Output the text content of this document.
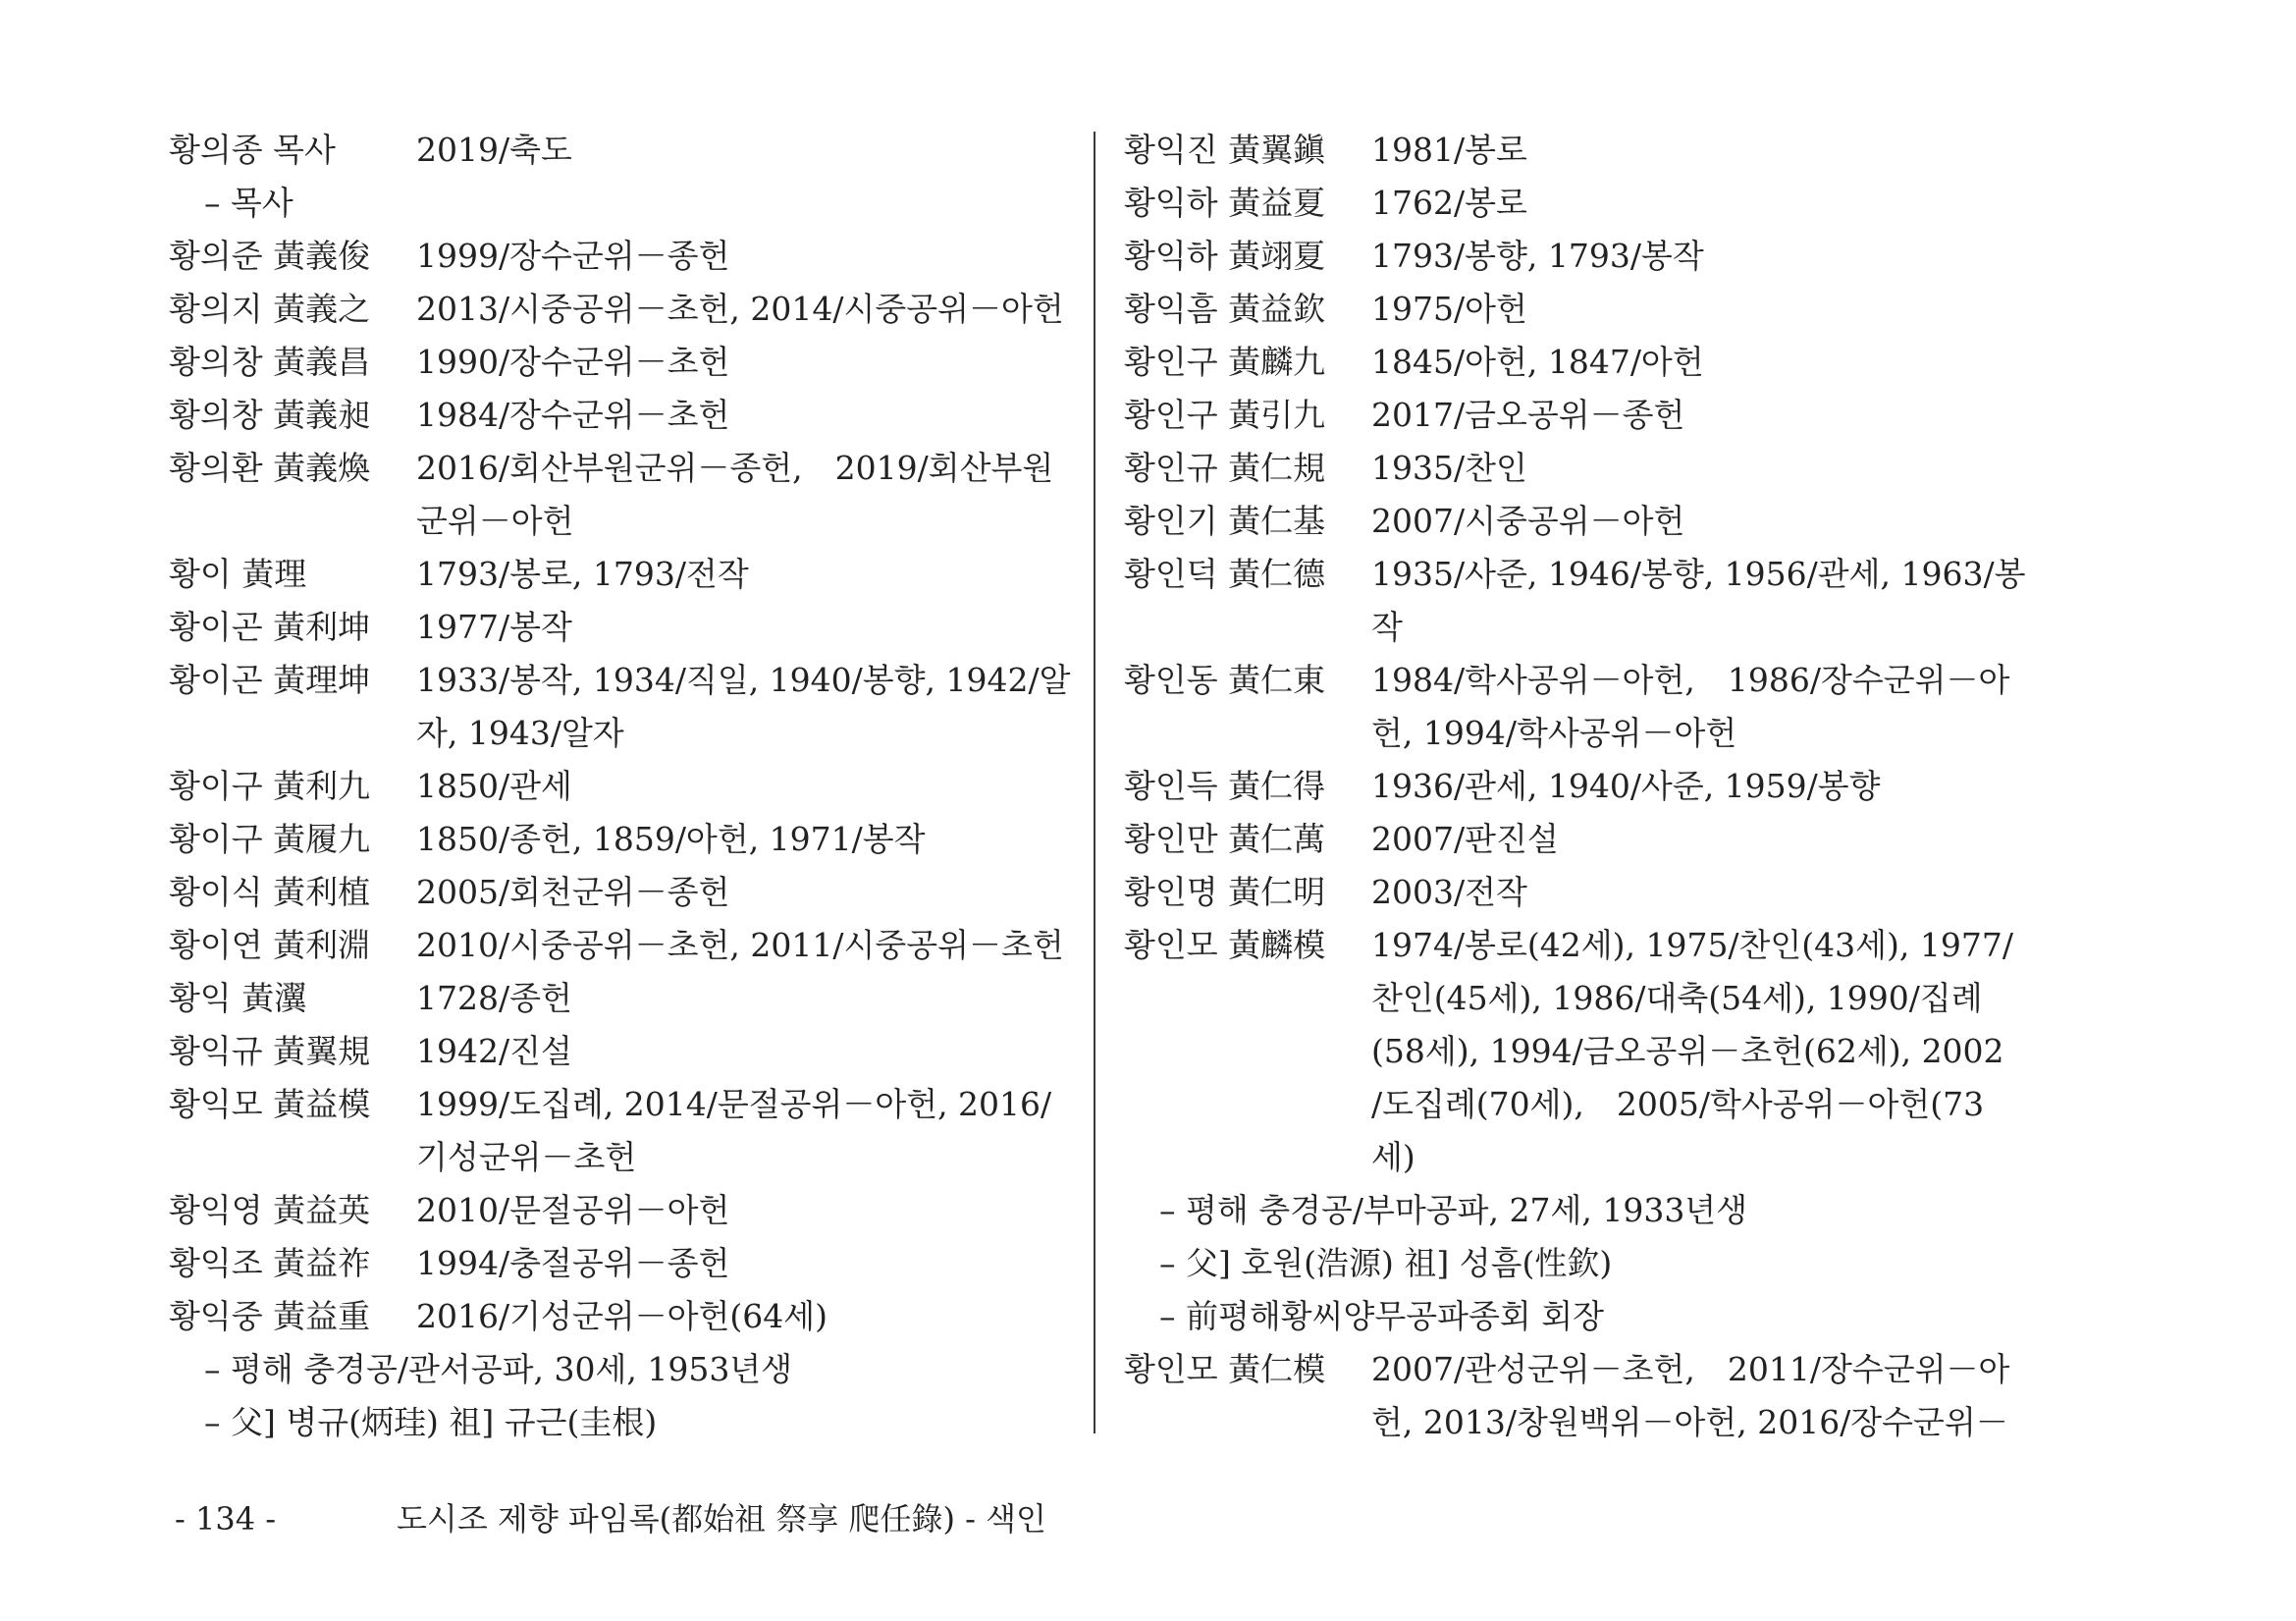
황의종 목사 2019/축도
– 목사
황의준 黃義俊 1999/장수군위－종헌
황의지 黃義之 2013/시중공위－초헌, 2014/시중공위－아헌
황의창 黃義昌 1990/장수군위－초헌
황의창 黃義昶 1984/장수군위－초헌
황의환 黃義煥 2016/회산부원군위－종헌,　2019/회산부원
군위－아헌
황이 黃理	1793/봉로, 1793/전작
황이곤 黃利坤 1977/봉작
황이곤 黃理坤 1933/봉작, 1934/직일, 1940/봉향, 1942/알
자, 1943/알자
황이구 黃利九 1850/관세
황이구 黃履九 1850/종헌, 1859/아헌, 1971/봉작
황이식 黃利植 2005/회천군위－종헌
황이연 黃利淵 2010/시중공위－초헌, 2011/시중공위－초헌
황익 黃瀷	1728/종헌
황익규 黃翼規 1942/진설
황익모 黃益模 1999/도집례, 2014/문절공위－아헌, 2016/
기성군위－초헌
황익영 黃益英 2010/문절공위－아헌
황익조 黃益祚 1994/충절공위－종헌
황익중 黃益重 2016/기성군위－아헌(64세)
– 평해 충경공/관서공파, 30세, 1953년생
– 父] 병규(炳珪) 祖] 규근(圭根)
황익진 黃翼鎭 1981/봉로
황익하 黃益夏 1762/봉로
황익하 黃翊夏 1793/봉향, 1793/봉작
황익흠 黃益欽 1975/아헌
황인구 黃麟九 1845/아헌, 1847/아헌
황인구 黃引九 2017/금오공위－종헌
황인규 黃仁規 1935/찬인
황인기 黃仁基 2007/시중공위－아헌
황인덕 黃仁德 1935/사준, 1946/봉향, 1956/관세, 1963/봉
작
황인동 黃仁東 1984/학사공위－아헌,　1986/장수군위－아
헌, 1994/학사공위－아헌
황인득 黃仁得 1936/관세, 1940/사준, 1959/봉향
황인만 黃仁萬 2007/판진설
황인명 黃仁明 2003/전작
황인모 黃麟模 1974/봉로(42세), 1975/찬인(43세), 1977/
찬인(45세), 1986/대축(54세), 1990/집례
(58세), 1994/금오공위－초헌(62세), 2002
/도집례(70세),　2005/학사공위－아헌(73
세)
– 평해 충경공/부마공파, 27세, 1933년생
– 父] 호원(浩源) 祖] 성흠(性欽)
– 前평해황씨양무공파종회 회장
황인모 黃仁模 2007/관성군위－초헌,　2011/장수군위－아
헌, 2013/창원백위－아헌, 2016/장수군위－
- 134 -	도시조 제향 파임록(都始祖 祭享 爬任錄) - 색인
